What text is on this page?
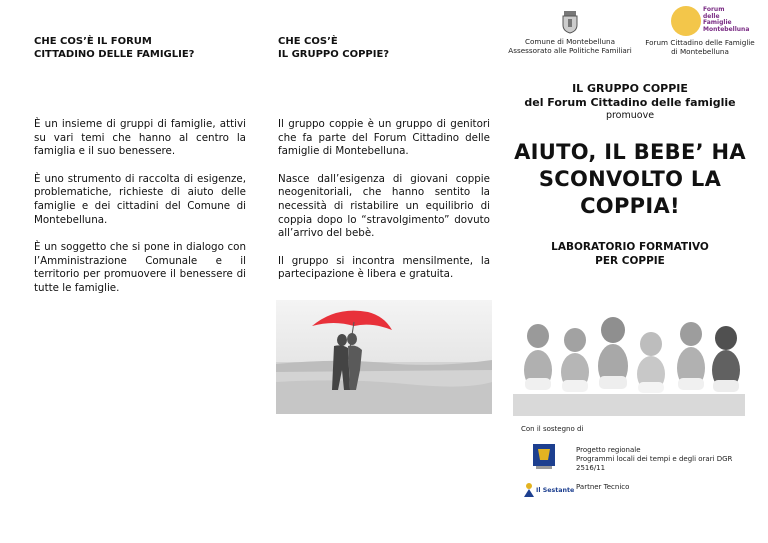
CHE COS’È IL FORUM
CITTADINO DELLE FAMIGLIE?

È un insieme di gruppi di famiglie, attivi su vari temi che hanno al centro la famiglia e il suo benessere.

È uno strumento di raccolta di esigenze, problematiche, richieste di aiuto delle famiglie e dei cittadini del Comune di Montebelluna.

È un soggetto che si pone in dialogo con l’Amministrazione Comunale e il territorio per promuovere il benessere di tutte le famiglie.

CHE COS’È
IL GRUPPO COPPIE?

Il gruppo coppie è un gruppo di genitori che fa parte del Forum Cittadino delle famiglie di Montebelluna.

Nasce dall’esigenza di giovani coppie neogenitoriali, che hanno sentito la necessità di ristabilire un equilibrio di coppia dopo lo “stravolgimento” dovuto all’arrivo del bebè.

Il gruppo si incontra mensilmente, la partecipazione è libera e gratuita.

Comune di Montebelluna
Assessorato alle Politiche Familiari
Forum
delle
Famiglie
Montebelluna
Forum Cittadino delle Famiglie
di Montebelluna
IL GRUPPO COPPIE
del Forum Cittadino delle famiglie
promuove
AIUTO, IL BEBE’ HA
SCONVOLTO LA
COPPIA!
LABORATORIO FORMATIVO
PER COPPIE
Con il sostegno di
Progetto regionale
Programmi locali dei tempi e degli orari DGR
2516/11
Il Sestante Partner Tecnico
